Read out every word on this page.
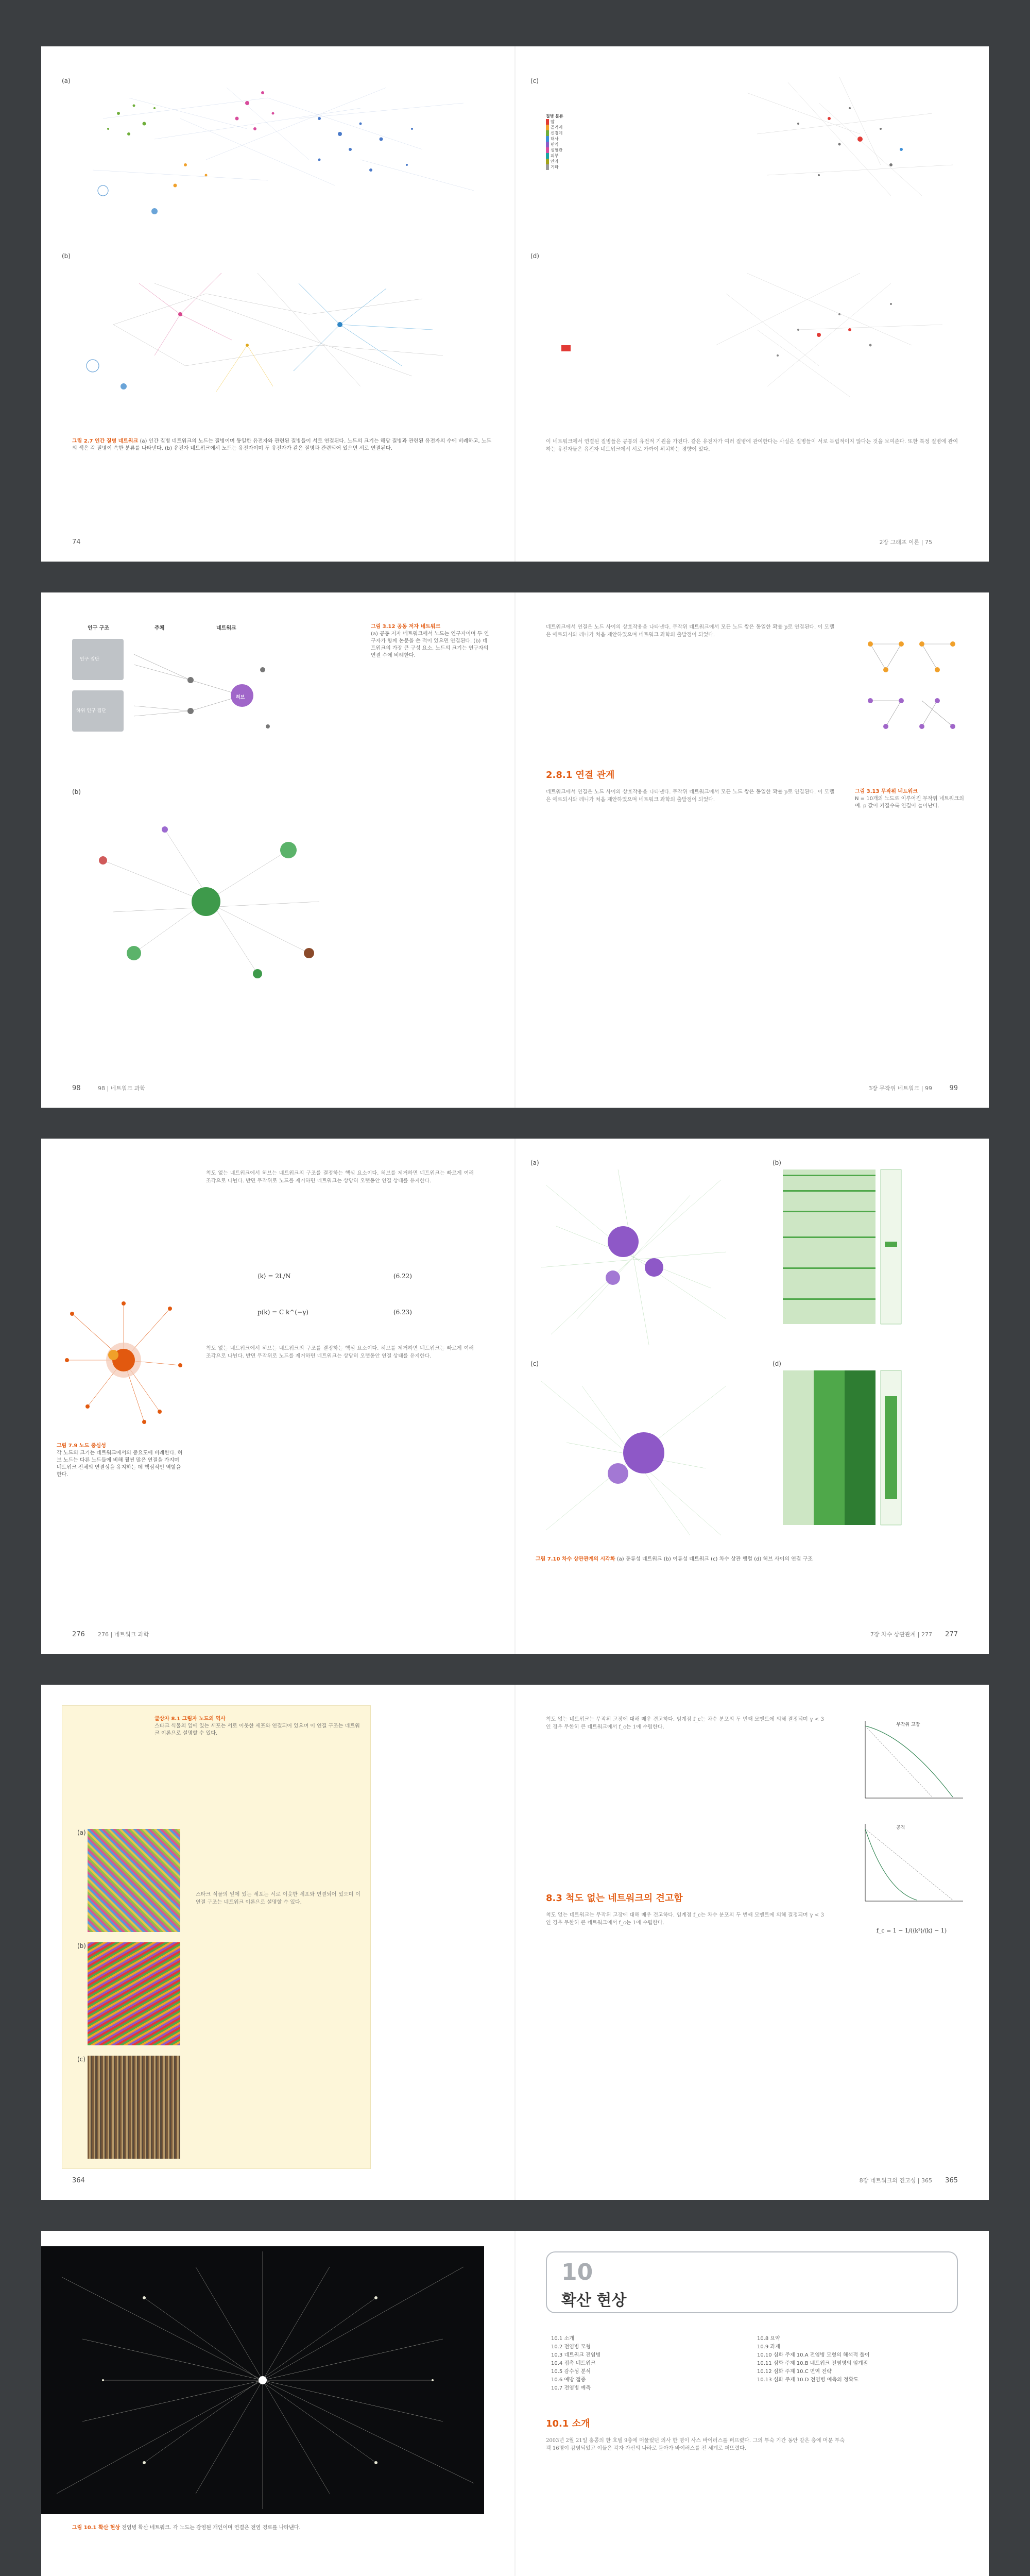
(a)
(b)
그림 2.7 인간 질병 네트워크 (a) 인간 질병 네트워크의 노드는 질병이며 동일한 유전자와 관련된 질병들이 서로 연결된다. 노드의 크기는 해당 질병과 관련된 유전자의 수에 비례하고, 노드의 색은 각 질병이 속한 분류를 나타낸다. (b) 유전자 네트워크에서 노드는 유전자이며 두 유전자가 같은 질병과 관련되어 있으면 서로 연결된다.
74
(c)
질병 분류
암
골격계
신경계
대사
면역
심혈관
피부
안과
기타
(d)
이 네트워크에서 연결된 질병들은 공통의 유전적 기원을 가진다. 같은 유전자가 여러 질병에 관여한다는 사실은 질병들이 서로 독립적이지 않다는 것을 보여준다. 또한 특정 질병에 관여하는 유전자들은 유전자 네트워크에서 서로 가까이 위치하는 경향이 있다.
2장 그래프 이론 | 75
인구 구조	주체	네트워크
인구 집단
하위 인구 집단
허브
(b)
그림 3.12 공동 저자 네트워크
(a) 공동 저자 네트워크에서 노드는 연구자이며 두 연구자가 함께 논문을 쓴 적이 있으면 연결된다. (b) 네트워크의 가장 큰 구성 요소. 노드의 크기는 연구자의 연결 수에 비례한다.
98	98 | 네트워크 과학
네트워크에서 연결은 노드 사이의 상호작용을 나타낸다. 무작위 네트워크에서 모든 노드 쌍은 동일한 확률 p로 연결된다. 이 모델은 에르되시와 레니가 처음 제안하였으며 네트워크 과학의 출발점이 되었다.
2.8.1 연결 관계
네트워크에서 연결은 노드 사이의 상호작용을 나타낸다. 무작위 네트워크에서 모든 노드 쌍은 동일한 확률 p로 연결된다. 이 모델은 에르되시와 레니가 처음 제안하였으며 네트워크 과학의 출발점이 되었다.
그림 3.13 무작위 네트워크
N = 10개의 노드로 이루어진 무작위 네트워크의 예. p 값이 커질수록 연결이 늘어난다.
99
3장 무작위 네트워크 | 99
척도 없는 네트워크에서 허브는 네트워크의 구조를 결정하는 핵심 요소이다. 허브를 제거하면 네트워크는 빠르게 여러 조각으로 나뉜다. 반면 무작위로 노드를 제거하면 네트워크는 상당히 오랫동안 연결 상태를 유지한다.
⟨k⟩ = 2L/N	(6.22)
p(k) = C k^(−γ)	(6.23)
척도 없는 네트워크에서 허브는 네트워크의 구조를 결정하는 핵심 요소이다. 허브를 제거하면 네트워크는 빠르게 여러 조각으로 나뉜다. 반면 무작위로 노드를 제거하면 네트워크는 상당히 오랫동안 연결 상태를 유지한다.
그림 7.9 노드 중심성
각 노드의 크기는 네트워크에서의 중요도에 비례한다. 허브 노드는 다른 노드들에 비해 훨씬 많은 연결을 가지며 네트워크 전체의 연결성을 유지하는 데 핵심적인 역할을 한다.
276 276 | 네트워크 과학
(a)	(b)
(c)	(d)
그림 7.10 차수 상관관계의 시각화 (a) 동류성 네트워크 (b) 이류성 네트워크 (c) 차수 상관 행렬 (d) 허브 사이의 연결 구조
277
7장 차수 상관관계 | 277
글상자 8.1 그림자 노드의 역사
스타크 식물의 잎에 있는 세포는 서로 이웃한 세포와 연결되어 있으며 이 연결 구조는 네트워크 이론으로 설명할 수 있다.
(a)
(b)
(c)
스타크 식물의 잎에 있는 세포는 서로 이웃한 세포와 연결되어 있으며 이 연결 구조는 네트워크 이론으로 설명할 수 있다.
364
척도 없는 네트워크는 무작위 고장에 대해 매우 견고하다. 임계점 f_c는 차수 분포의 두 번째 모멘트에 의해 결정되며 γ < 3인 경우 무한히 큰 네트워크에서 f_c는 1에 수렴한다.
8.3 척도 없는 네트워크의 견고함
척도 없는 네트워크는 무작위 고장에 대해 매우 견고하다. 임계점 f_c는 차수 분포의 두 번째 모멘트에 의해 결정되며 γ < 3인 경우 무한히 큰 네트워크에서 f_c는 1에 수렴한다.
f_c = 1 − 1/(⟨k²⟩/⟨k⟩ − 1)
무작위 고장
공격
365
8장 네트워크의 견고성 | 365
그림 10.1 확산 현상 전염병 확산 네트워크. 각 노드는 감염된 개인이며 연결은 전염 경로를 나타낸다.
10
확산 현상
10.1 소개
10.2 전염병 모형
10.3 네트워크 전염병
10.4 접촉 네트워크
10.5 감수성 분석
10.6 예방 접종
10.7 전염병 예측
10.8 요약
10.9 과제
10.10 심화 주제 10.A 전염병 모형의 해석적 풀이
10.11 심화 주제 10.B 네트워크 전염병의 임계점
10.12 심화 주제 10.C 면역 전략
10.13 심화 주제 10.D 전염병 예측의 정확도
10.1 소개
2003년 2월 21일 홍콩의 한 호텔 9층에 머물렀던 의사 한 명이 사스 바이러스를 퍼뜨렸다. 그의 투숙 기간 동안 같은 층에 머문 투숙객 16명이 감염되었고 이들은 각자 자신의 나라로 돌아가 바이러스를 전 세계로 퍼뜨렸다.
